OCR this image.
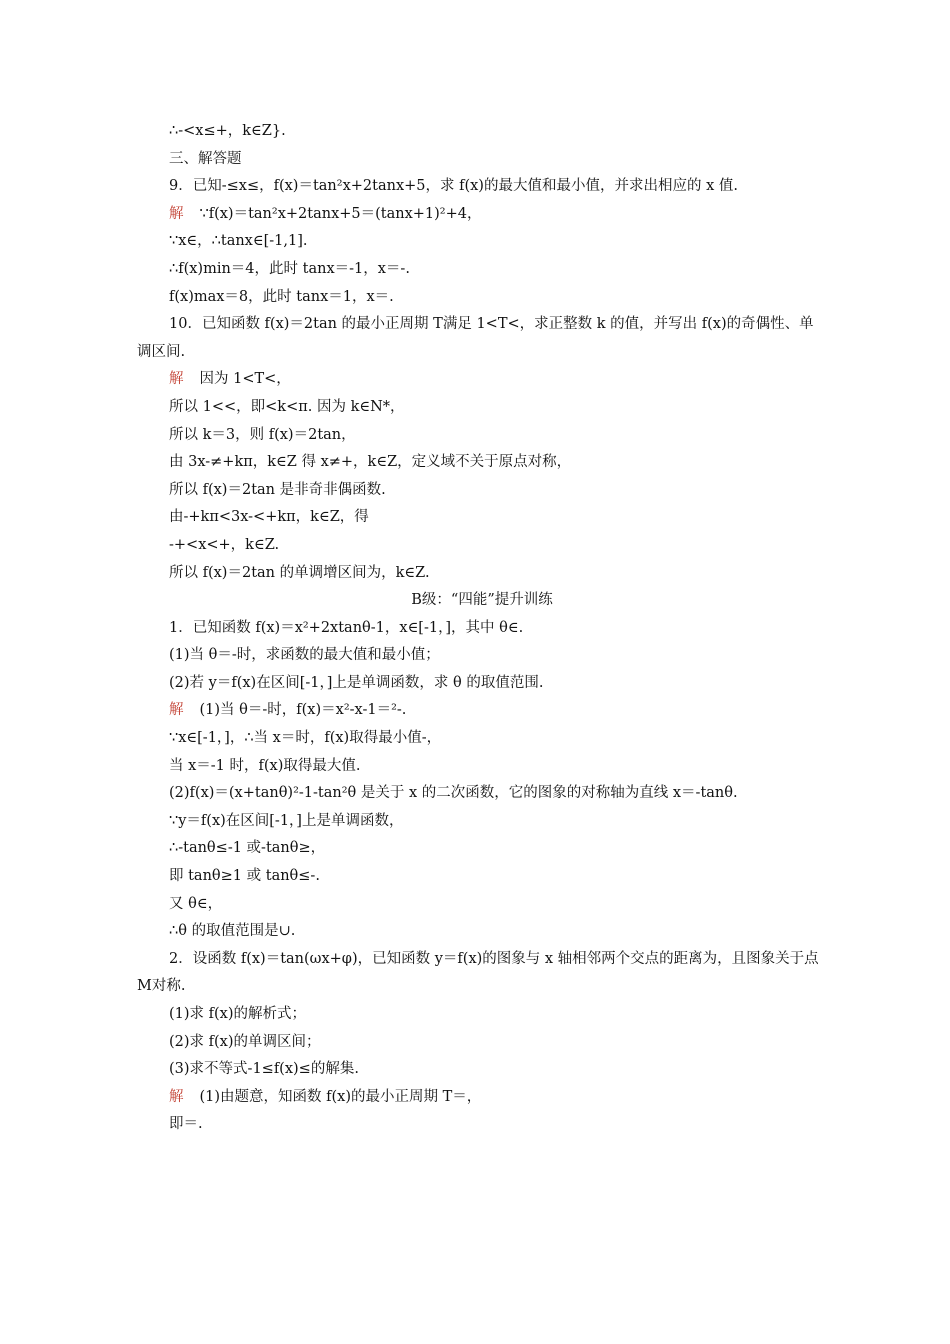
∴-<x≤+，k∈Z}.
三、解答题
9．已知-≤x≤，f(x)＝tan²x+2tanx+5，求 f(x)的最大值和最小值，并求出相应的 x 值.
解 ∵f(x)＝tan²x+2tanx+5＝(tanx+1)²+4，
∵x∈，∴tanx∈[-1,1].
∴f(x)min＝4，此时 tanx＝-1，x＝-.
f(x)max＝8，此时 tanx＝1，x＝.
10．已知函数 f(x)＝2tan 的最小正周期 T满足 1<T<，求正整数 k 的值，并写出 f(x)的奇偶性、单调区间.
解 因为 1<T<，
所以 1<<，即<k<π. 因为 k∈N*，
所以 k＝3，则 f(x)＝2tan，
由 3x-≠+kπ，k∈Z 得 x≠+，k∈Z，定义域不关于原点对称，
所以 f(x)＝2tan 是非奇非偶函数.
由-+kπ<3x-<+kπ，k∈Z，得
-+<x<+，k∈Z.
所以 f(x)＝2tan 的单调增区间为，k∈Z.
B级：“四能”提升训练
1．已知函数 f(x)＝x²+2xtanθ-1，x∈[-1，]，其中 θ∈.
(1)当 θ＝-时，求函数的最大值和最小值；
(2)若 y＝f(x)在区间[-1，]上是单调函数，求 θ 的取值范围.
解 (1)当 θ＝-时，f(x)＝x²-x-1＝²-.
∵x∈[-1，]，∴当 x＝时，f(x)取得最小值-，
当 x＝-1 时，f(x)取得最大值.
(2)f(x)＝(x+tanθ)²-1-tan²θ 是关于 x 的二次函数，它的图象的对称轴为直线 x＝-tanθ.
∵y＝f(x)在区间[-1，]上是单调函数，
∴-tanθ≤-1 或-tanθ≥，
即 tanθ≥1 或 tanθ≤-.
又 θ∈，
∴θ 的取值范围是∪.
2．设函数 f(x)＝tan(ωx+φ)，已知函数 y＝f(x)的图象与 x 轴相邻两个交点的距离为，且图象关于点 M对称.
(1)求 f(x)的解析式；
(2)求 f(x)的单调区间；
(3)求不等式-1≤f(x)≤的解集.
解 (1)由题意，知函数 f(x)的最小正周期 T＝，
即＝.
